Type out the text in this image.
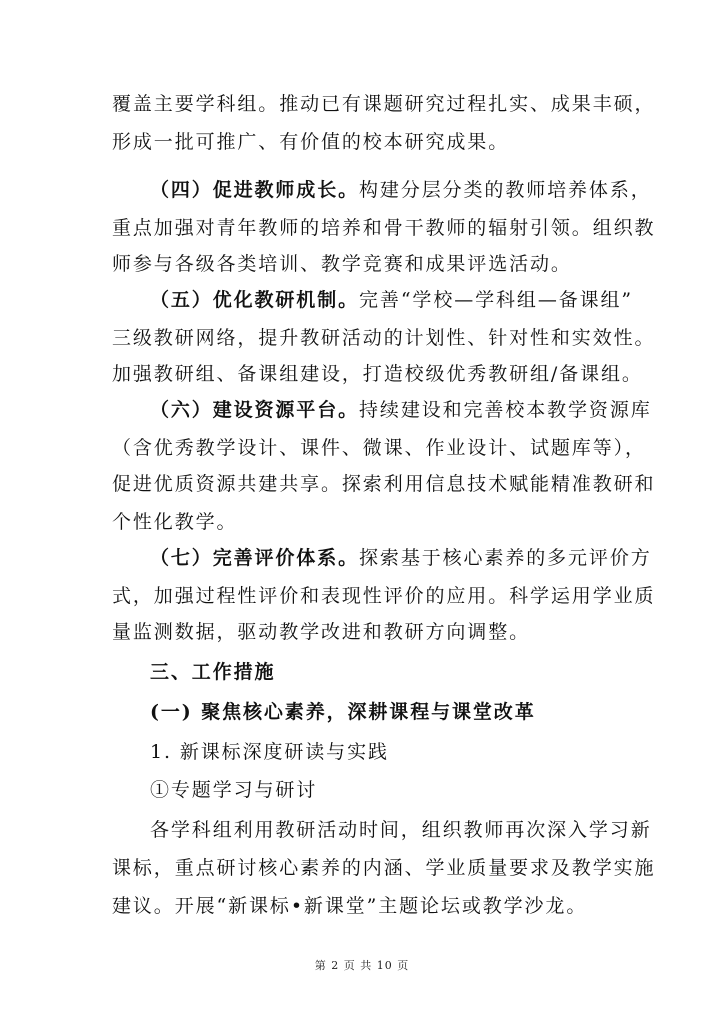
覆盖主要学科组。推动已有课题研究过程扎实、成果丰硕，
形成一批可推广、有价值的校本研究成果。
（四）促进教师成长。构建分层分类的教师培养体系，
重点加强对青年教师的培养和骨干教师的辐射引领。组织教
师参与各级各类培训、教学竞赛和成果评选活动。
（五）优化教研机制。完善“学校—学科组—备课组”
三级教研网络，提升教研活动的计划性、针对性和实效性。
加强教研组、备课组建设，打造校级优秀教研组/备课组。
（六）建设资源平台。持续建设和完善校本教学资源库
（含优秀教学设计、课件、微课、作业设计、试题库等），
促进优质资源共建共享。探索利用信息技术赋能精准教研和
个性化教学。
（七）完善评价体系。探索基于核心素养的多元评价方
式，加强过程性评价和表现性评价的应用。科学运用学业质
量监测数据，驱动教学改进和教研方向调整。
三、工作措施
(一) 聚焦核心素养，深耕课程与课堂改革
1. 新课标深度研读与实践
①专题学习与研讨
各学科组利用教研活动时间，组织教师再次深入学习新
课标，重点研讨核心素养的内涵、学业质量要求及教学实施
建议。开展“新课标•新课堂”主题论坛或教学沙龙。
第 2 页 共 10 页
